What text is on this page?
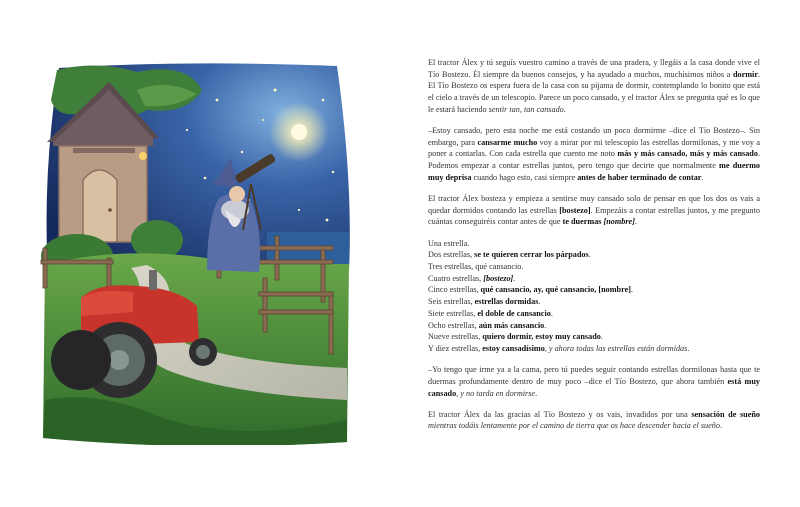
El tractor Álex y tú seguís vuestro camino a través de una pradera, y llegáis a la casa donde vive el Tío Bostezo. Él siempre da buenos consejos, y ha ayudado a muchos, muchísimos niños a dormir. El Tío Bostezo os espera fuera de la casa con su pijama de dormir, contemplando lo bonito que está el cielo a través de un telescopio. Parece un poco cansado, y el tractor Álex se pregunta qué es lo que le estará haciendo sentir tan, tan cansado.

–Estoy cansado, pero esta noche me está costando un poco dormirme –dice el Tío Bostezo–. Sin embargo, para cansarme mucho voy a mirar por mi telescopio las estrellas dormilonas, y me voy a poner a contarlas. Con cada estrella que cuento me noto más y más cansado, más y más cansado. Podemos empezar a contar estrellas juntos, pero tengo que decirte que normalmente me duermo muy deprisa cuando hago esto, casi siempre antes de haber terminado de contar.

El tractor Álex bosteza y empieza a sentirse muy cansado solo de pensar en que los dos os vais a quedar dormidos contando las estrellas [bostezo]. Empezáis a contar estrellas juntos, y me pregunto cuántas conseguiréis contar antes de que te duermas [nombre].

Una estrella.
Dos estrellas, se te quieren cerrar los párpados.
Tres estrellas, qué cansancio.
Cuatro estrellas, [bostezo].
Cinco estrellas, qué cansancio, ay, qué cansancio, [nombre].
Seis estrellas, estrellas dormidas.
Siete estrellas, el doble de cansancio.
Ocho estrellas, aún más cansancio.
Nueve estrellas, quiero dormir, estoy muy cansado.
Y diez estrellas, estoy cansadísimo, y ahora todas las estrellas están dormidas.

–Yo tengo que irme ya a la cama, pero tú puedes seguir contando estrellas dormilonas hasta que te duermas profundamente dentro de muy poco –dice el Tío Bostezo, que ahora también está muy cansado, y no tarda en dormirse.

El tractor Álex da las gracias al Tío Bostezo y os vais, invadidos por una sensación de sueño mientras todáis lentamente por el camino de tierra que os hace descender hacia el sueño.
